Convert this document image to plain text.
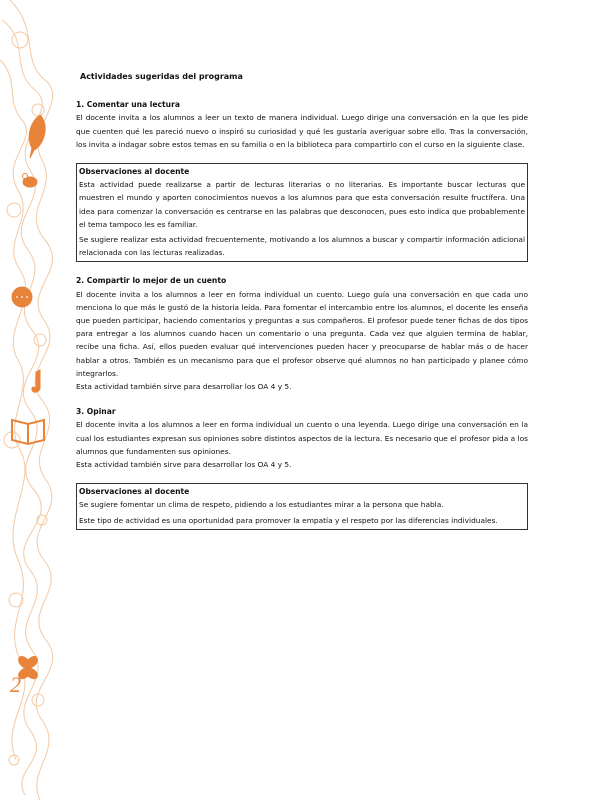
2
Actividades sugeridas del programa
1. Comentar una lectura

El docente invita a los alumnos a leer un texto de manera individual. Luego dirige una conversación en la que les pide que cuenten qué les pareció nuevo o inspiró su curiosidad y qué les gustaría averiguar sobre ello. Tras la conversación, los invita a indagar sobre estos temas en su familia o en la biblioteca para compartirlo con el curso en la siguiente clase.

Observaciones al docente

Esta actividad puede realizarse a partir de lecturas literarias o no literarias. Es importante buscar lecturas que muestren el mundo y aporten conocimientos nuevos a los alumnos para que esta conversación resulte fructífera. Una idea para comenzar la conversación es centrarse en las palabras que desconocen, pues esto indica que probablemente el tema tampoco les es familiar.

Se sugiere realizar esta actividad frecuentemente, motivando a los alumnos a buscar y compartir información adicional relacionada con las lecturas realizadas.

2. Compartir lo mejor de un cuento

El docente invita a los alumnos a leer en forma individual un cuento. Luego guía una conversación en que cada uno menciona lo que más le gustó de la historia leída. Para fomentar el intercambio entre los alumnos, el docente les enseña que pueden participar, haciendo comentarios y preguntas a sus compañeros. El profesor puede tener fichas de dos tipos para entregar a los alumnos cuando hacen un comentario o una pregunta. Cada vez que alguien termina de hablar, recibe una ficha. Así, ellos pueden evaluar qué intervenciones pueden hacer y preocuparse de hablar más o de hacer hablar a otros. También es un mecanismo para que el profesor observe qué alumnos no han participado y planee cómo integrarlos.

Esta actividad también sirve para desarrollar los OA 4 y 5.

3. Opinar

El docente invita a los alumnos a leer en forma individual un cuento o una leyenda. Luego dirige una conversación en la cual los estudiantes expresan sus opiniones sobre distintos aspectos de la lectura. Es necesario que el profesor pida a los alumnos que fundamenten sus opiniones.

Esta actividad también sirve para desarrollar los OA 4 y 5.

Observaciones al docente

Se sugiere fomentar un clima de respeto, pidiendo a los estudiantes mirar a la persona que habla.

Este tipo de actividad es una oportunidad para promover la empatía y el respeto por las diferencias individuales.
